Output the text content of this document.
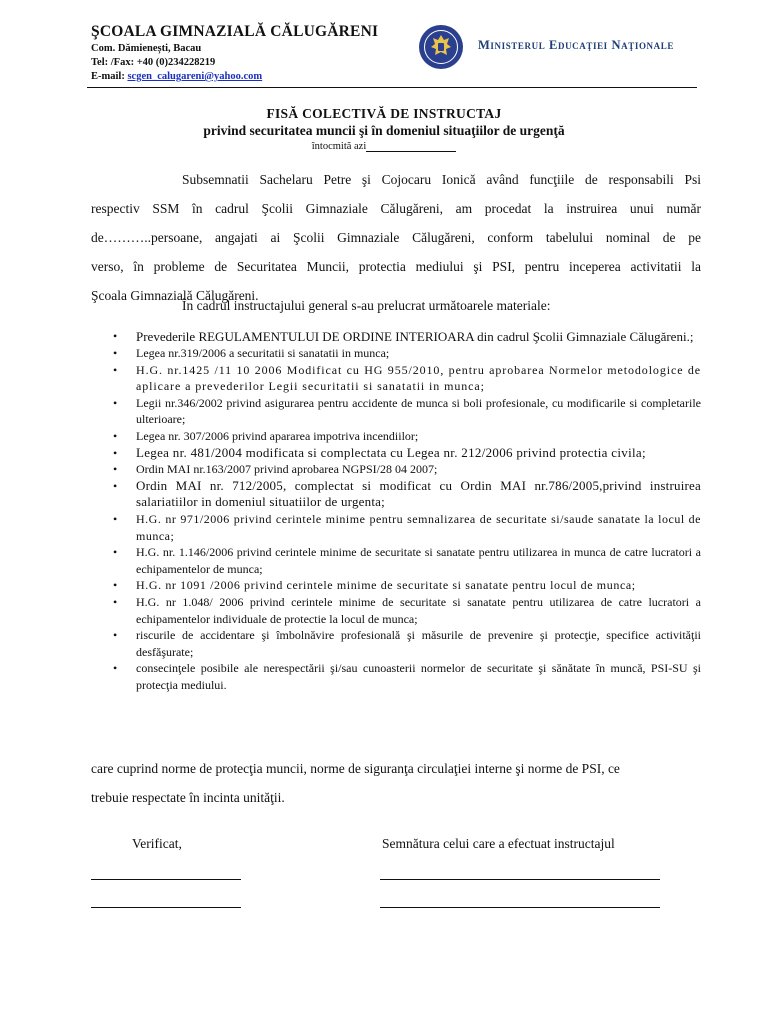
ŞCOALA GIMNAZIALĂ CĂLUGĂRENI
Com. Dămienești, Bacau
Tel: /Fax: +40 (0)234228219
E-mail: scgen_calugareni@yahoo.com
Ministerul Educaţiei Naţionale
FISĂ COLECTIVĂ DE INSTRUCTAJ
privind securitatea muncii şi în domeniul situaţiilor de urgenţă
întocmită azi
Subsemnatii Sachelaru Petre şi Cojocaru Ionică având funcţiile de responsabili Psi
respectiv SSM în cadrul Şcolii Gimnaziale Călugăreni, am procedat la instruirea unui număr
de………..persoane, angajati ai Şcolii Gimnaziale Călugăreni, conform tabelului nominal de pe
verso, în probleme de Securitatea Muncii, protectia mediului şi PSI, pentru inceperea activitatii la
Şcoala Gimnazială Călugăreni.
În cadrul instructajului general s-au prelucrat următoarele materiale:
• Prevederile REGULAMENTULUI DE ORDINE INTERIOARA din cadrul Şcolii Gimnaziale Călugăreni.;
• Legea nr.319/2006 a securitatii si sanatatii in munca;
• H.G. nr.1425 /11 10 2006 Modificat cu HG 955/2010, pentru aprobarea Normelor metodologice de aplicare a prevederilor Legii securitatii si sanatatii in munca;
• Legii nr.346/2002 privind asigurarea pentru accidente de munca si boli profesionale, cu modificarile si completarile ulterioare;
• Legea nr. 307/2006 privind apararea impotriva incendiilor;
• Legea nr. 481/2004 modificata si complectata cu Legea nr. 212/2006 privind protectia civila;
• Ordin MAI nr.163/2007 privind aprobarea NGPSI/28 04 2007;
• Ordin MAI nr. 712/2005, complectat si modificat cu Ordin MAI nr.786/2005,privind instruirea salariatiilor in domeniul situatiilor de urgenta;
• H.G. nr 971/2006 privind cerintele minime pentru semnalizarea de securitate si/saude sanatate la locul de munca;
• H.G. nr. 1.146/2006 privind cerintele minime de securitate si sanatate pentru utilizarea in munca de catre lucratori a echipamentelor de munca;
• H.G. nr 1091 /2006 privind cerintele minime de securitate si sanatate pentru locul de munca;
• H.G. nr 1.048/ 2006 privind cerintele minime de securitate si sanatate pentru utilizarea de catre lucratori a echipamentelor individuale de protectie la locul de munca;
• riscurile de accidentare şi îmbolnăvire profesională şi măsurile de prevenire şi protecţie, specifice activităţii desfăşurate;
• consecinţele posibile ale nerespectării şi/sau cunoasterii normelor de securitate şi sănătate în muncă, PSI-SU şi protecţia mediului.
care cuprind norme de protecţia muncii, norme de siguranţa circulaţiei interne şi norme de PSI, ce
trebuie respectate în incinta unităţii.
Verificat,	Semnătura celui care a efectuat instructajul
